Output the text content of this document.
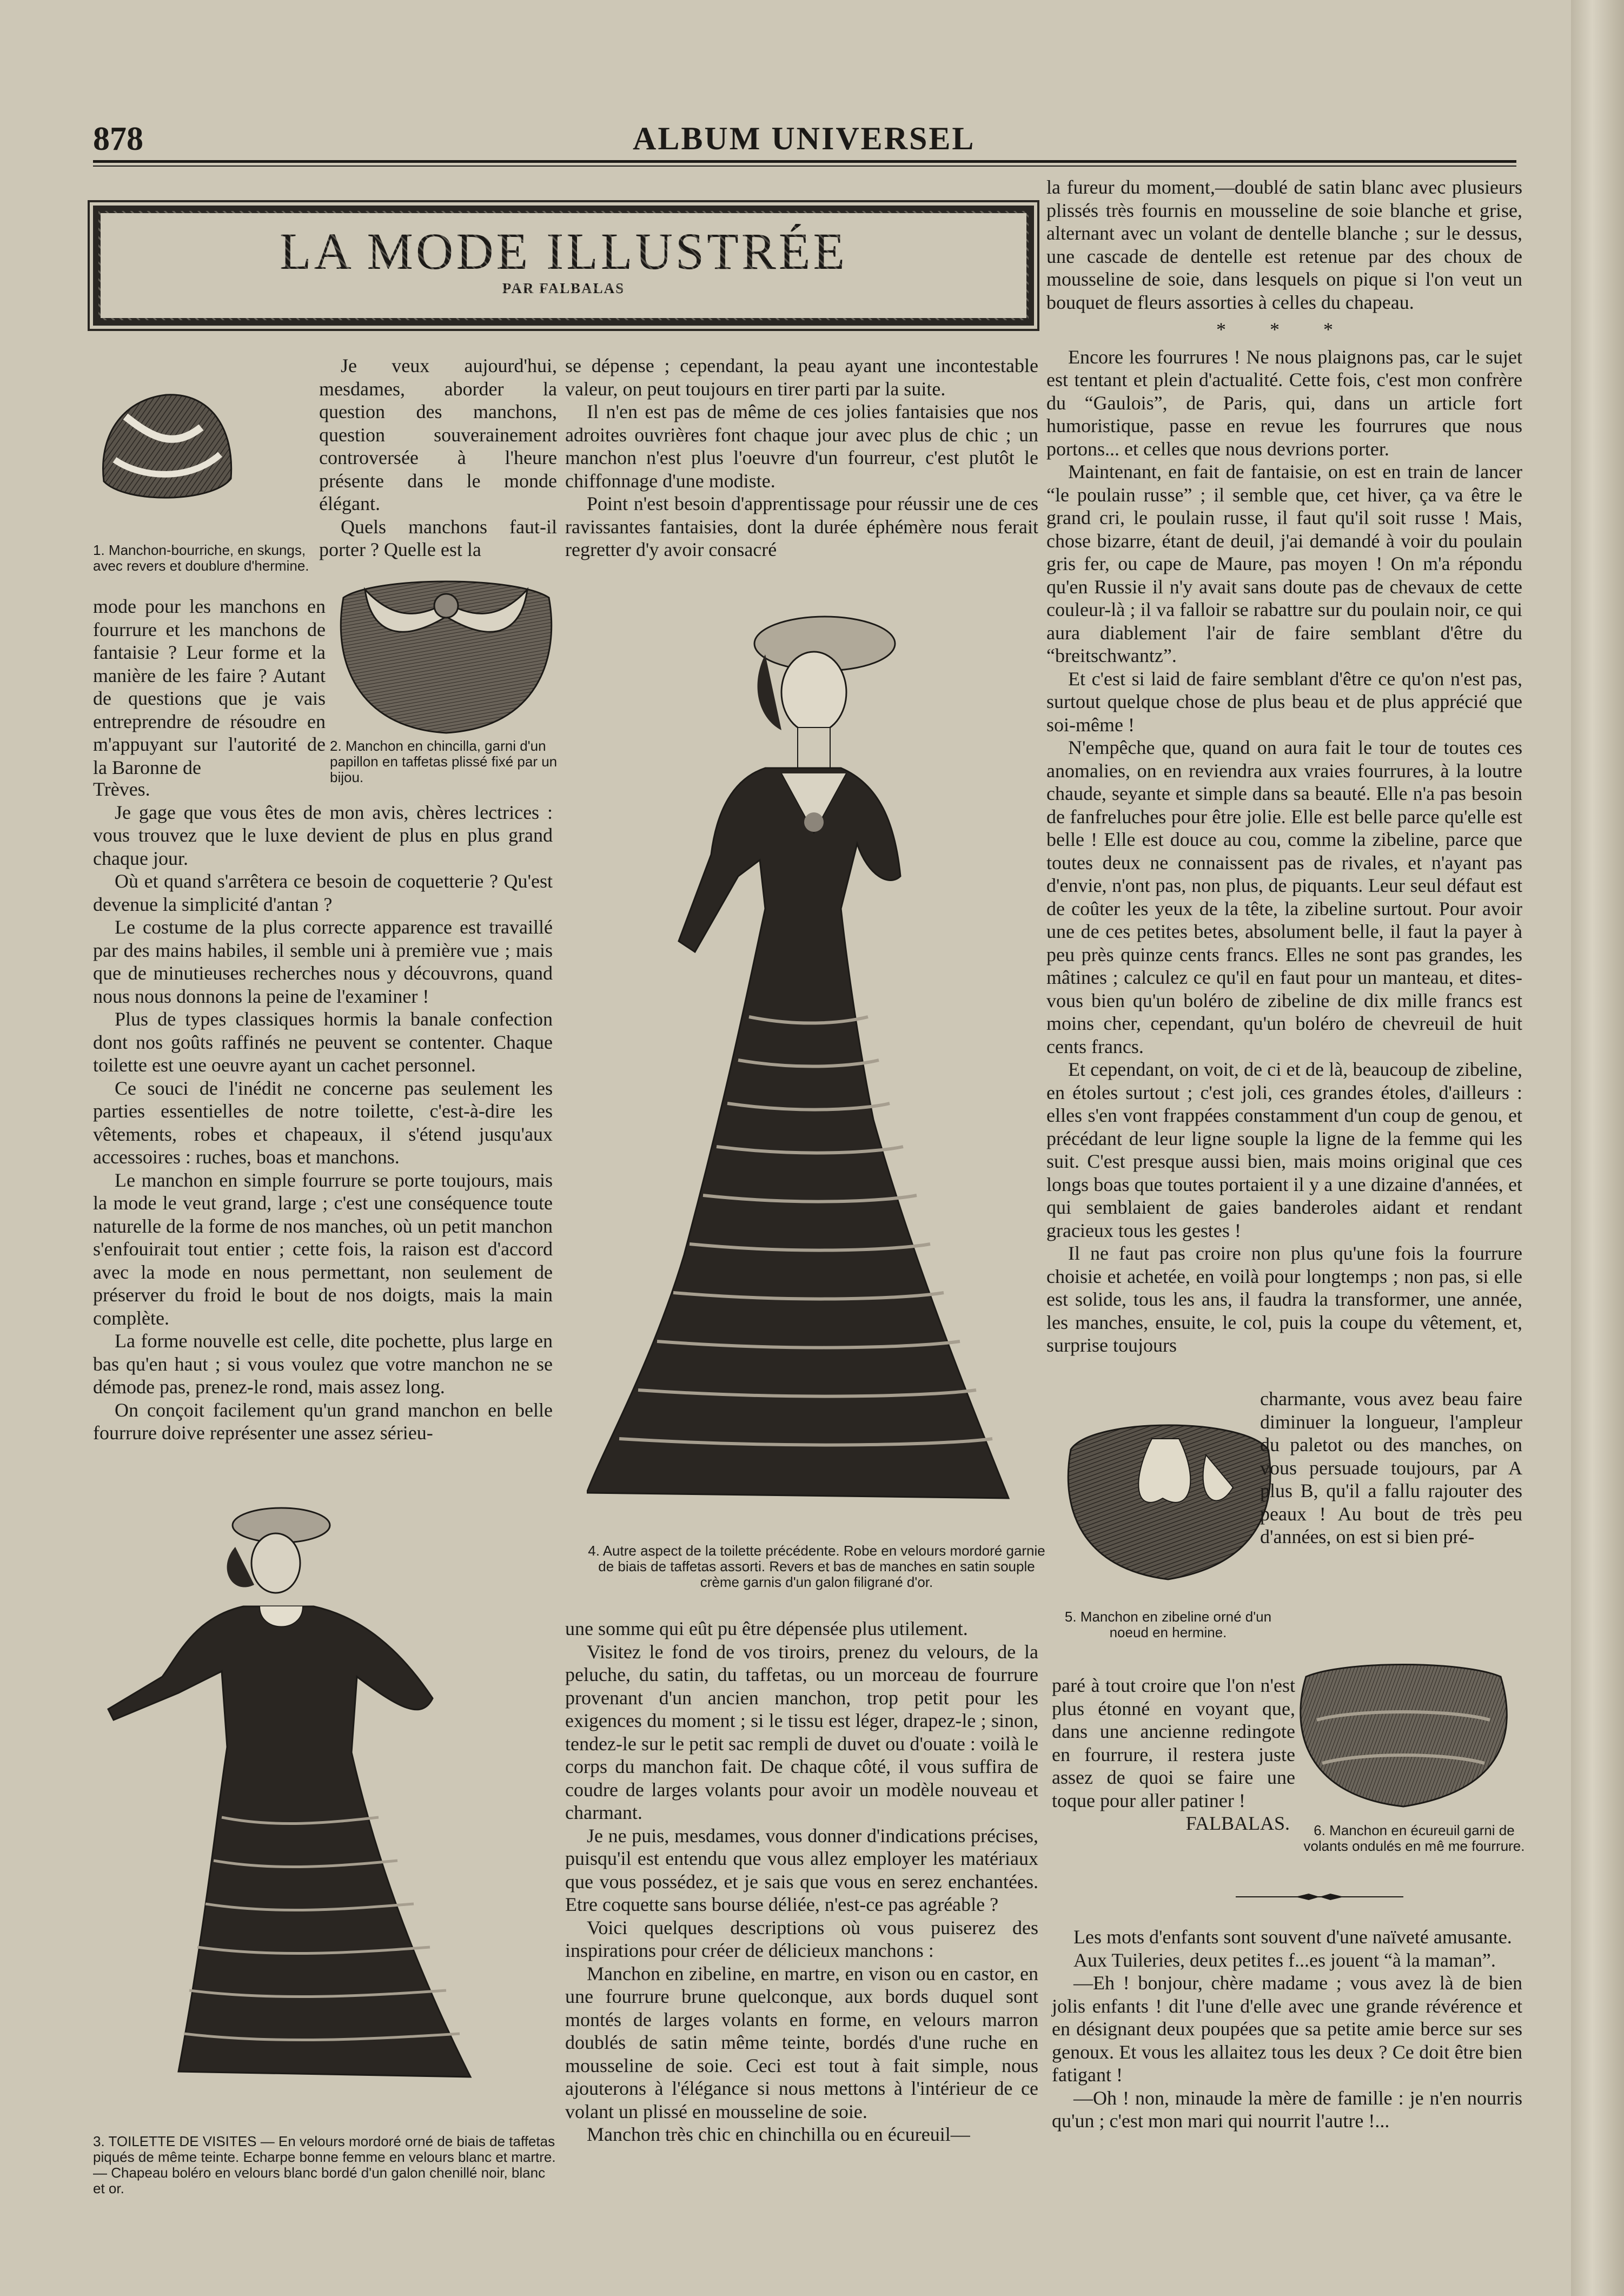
878	ALBUM UNIVERSEL

LA MODE ILLUSTRÉE
PAR FALBALAS

1. Manchon-bourriche, en skungs, avec revers et doublure d'hermine.

2. Manchon en chincilla, garni d'un papillon en taffetas plissé fixé par un bijou.

Je veux aujourd'hui, mesdames, aborder la question des manchons, question souverainement controversée à l'heure présente dans le monde élégant.

Quels manchons faut-il porter ? Quelle est la

mode pour les manchons en fourrure et les manchons de fantaisie ? Leur forme et la manière de les faire ? Autant de questions que je vais entreprendre de résoudre en m'appuyant sur l'autorité de la Baronne de

Trèves.

Je gage que vous êtes de mon avis, chères lectrices : vous trouvez que le luxe devient de plus en plus grand chaque jour.

Où et quand s'arrêtera ce besoin de coquetterie ? Qu'est devenue la simplicité d'antan ?

Le costume de la plus correcte apparence est travaillé par des mains habiles, il semble uni à première vue ; mais que de minutieuses recherches nous y découvrons, quand nous nous donnons la peine de l'examiner !

Plus de types classiques hormis la banale confection dont nos goûts raffinés ne peuvent se contenter. Chaque toilette est une oeuvre ayant un cachet personnel.

Ce souci de l'inédit ne concerne pas seulement les parties essentielles de notre toilette, c'est-à-dire les vêtements, robes et chapeaux, il s'étend jusqu'aux accessoires : ruches, boas et manchons.

Le manchon en simple fourrure se porte toujours, mais la mode le veut grand, large ; c'est une conséquence toute naturelle de la forme de nos manches, où un petit manchon s'enfouirait tout entier ; cette fois, la raison est d'accord avec la mode en nous permettant, non seulement de préserver du froid le bout de nos doigts, mais la main complète.

La forme nouvelle est celle, dite pochette, plus large en bas qu'en haut ; si vous voulez que votre manchon ne se démode pas, prenez-le rond, mais assez long.

On conçoit facilement qu'un grand manchon en belle fourrure doive représenter une assez sérieu-

3. TOILETTE DE VISITES — En velours mordoré orné de biais de taffetas piqués de même teinte. Echarpe bonne femme en velours blanc et martre. — Chapeau boléro en velours blanc bordé d'un galon chenillé noir, blanc et or.

se dépense ; cependant, la peau ayant une incontestable valeur, on peut toujours en tirer parti par la suite.

Il n'en est pas de même de ces jolies fantaisies que nos adroites ouvrières font chaque jour avec plus de chic ; un manchon n'est plus l'oeuvre d'un fourreur, c'est plutôt le chiffonnage d'une modiste.

Point n'est besoin d'apprentissage pour réussir une de ces ravissantes fantaisies, dont la durée éphémère nous ferait regretter d'y avoir consacré

4. Autre aspect de la toilette précédente. Robe en velours mordoré garnie de biais de taffetas assorti. Revers et bas de manches en satin souple crème garnis d'un galon filigrané d'or.

une somme qui eût pu être dépensée plus utilement.

Visitez le fond de vos tiroirs, prenez du velours, de la peluche, du satin, du taffetas, ou un morceau de fourrure provenant d'un ancien manchon, trop petit pour les exigences du moment ; si le tissu est léger, drapez-le ; sinon, tendez-le sur le petit sac rempli de duvet ou d'ouate : voilà le corps du manchon fait. De chaque côté, il vous suffira de coudre de larges volants pour avoir un modèle nouveau et charmant.

Je ne puis, mesdames, vous donner d'indications précises, puisqu'il est entendu que vous allez employer les matériaux que vous possédez, et je sais que vous en serez enchantées. Etre coquette sans bourse déliée, n'est-ce pas agréable ?

Voici quelques descriptions où vous puiserez des inspirations pour créer de délicieux manchons :

Manchon en zibeline, en martre, en vison ou en castor, en une fourrure brune quelconque, aux bords duquel sont montés de larges volants en forme, en velours marron doublés de satin même teinte, bordés d'une ruche en mousseline de soie. Ceci est tout à fait simple, nous ajouterons à l'élégance si nous mettons à l'intérieur de ce volant un plissé en mousseline de soie.

Manchon très chic en chinchilla ou en écureuil—

la fureur du moment,—doublé de satin blanc avec plusieurs plissés très fournis en mousseline de soie blanche et grise, alternant avec un volant de dentelle blanche ; sur le dessus, une cascade de dentelle est retenue par des choux de mousseline de soie, dans lesquels on pique si l'on veut un bouquet de fleurs assorties à celles du chapeau.

* * *

Encore les fourrures ! Ne nous plaignons pas, car le sujet est tentant et plein d'actualité. Cette fois, c'est mon confrère du “Gaulois”, de Paris, qui, dans un article fort humoristique, passe en revue les fourrures que nous portons... et celles que nous devrions porter.

Maintenant, en fait de fantaisie, on est en train de lancer “le poulain russe” ; il semble que, cet hiver, ça va être le grand cri, le poulain russe, il faut qu'il soit russe ! Mais, chose bizarre, étant de deuil, j'ai demandé à voir du poulain gris fer, ou cape de Maure, pas moyen ! On m'a répondu qu'en Russie il n'y avait sans doute pas de chevaux de cette couleur-là ; il va falloir se rabattre sur du poulain noir, ce qui aura diablement l'air de faire semblant d'être du “breitschwantz”.

Et c'est si laid de faire semblant d'être ce qu'on n'est pas, surtout quelque chose de plus beau et de plus apprécié que soi-même !

N'empêche que, quand on aura fait le tour de toutes ces anomalies, on en reviendra aux vraies fourrures, à la loutre chaude, seyante et simple dans sa beauté. Elle n'a pas besoin de fanfreluches pour être jolie. Elle est belle parce qu'elle est belle ! Elle est douce au cou, comme la zibeline, parce que toutes deux ne connaissent pas de rivales, et n'ayant pas d'envie, n'ont pas, non plus, de piquants. Leur seul défaut est de coûter les yeux de la tête, la zibeline surtout. Pour avoir une de ces petites betes, absolument belle, il faut la payer à peu près quinze cents francs. Elles ne sont pas grandes, les mâtines ; calculez ce qu'il en faut pour un manteau, et dites-vous bien qu'un boléro de zibeline de dix mille francs est moins cher, cependant, qu'un boléro de chevreuil de huit cents francs.

Et cependant, on voit, de ci et de là, beaucoup de zibeline, en étoles surtout ; c'est joli, ces grandes étoles, d'ailleurs : elles s'en vont frappées constamment d'un coup de genou, et précédant de leur ligne souple la ligne de la femme qui les suit. C'est presque aussi bien, mais moins original que ces longs boas que toutes portaient il y a une dizaine d'années, et qui semblaient de gaies banderoles aidant et rendant gracieux tous les gestes !

Il ne faut pas croire non plus qu'une fois la fourrure choisie et achetée, en voilà pour longtemps ; non pas, si elle est solide, tous les ans, il faudra la transformer, une année, les manches, ensuite, le col, puis la coupe du vêtement, et, surprise toujours

5. Manchon en zibeline orné d'un noeud en hermine.

charmante, vous avez beau faire diminuer la longueur, l'ampleur du paletot ou des manches, on vous persuade toujours, par A plus B, qu'il a fallu rajouter des peaux ! Au bout de très peu d'années, on est si bien pré-

6. Manchon en écureuil garni de volants ondulés en mê me fourrure.

paré à tout croire que l'on n'est plus étonné en voyant que, dans une ancienne redingote en fourrure, il restera juste assez de quoi se faire une toque pour aller patiner !

FALBALAS.

Les mots d'enfants sont souvent d'une naïveté amusante.

Aux Tuileries, deux petites f...es jouent “à la maman”.

—Eh ! bonjour, chère madame ; vous avez là de bien jolis enfants ! dit l'une d'elle avec une grande révérence et en désignant deux poupées que sa petite amie berce sur ses genoux. Et vous les allaitez tous les deux ? Ce doit être bien fatigant !

—Oh ! non, minaude la mère de famille : je n'en nourris qu'un ; c'est mon mari qui nourrit l'autre !...
